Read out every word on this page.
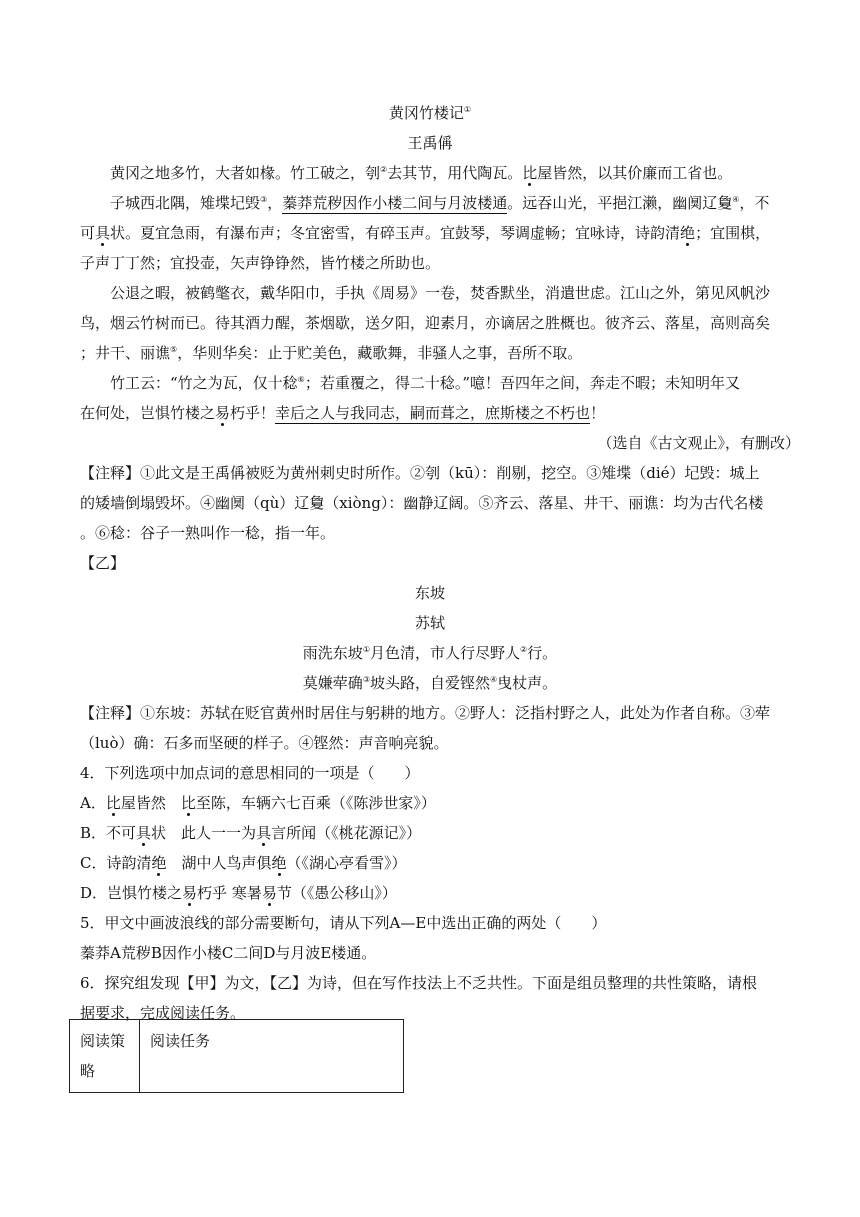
黄冈竹楼记①
王禹偁
黄冈之地多竹，大者如椽。竹工破之，刳②去其节，用代陶瓦。比屋皆然，以其价廉而工省也。
子城西北隅，雉堞圮毁③，蓁莽荒秽因作小楼二间与月波楼通。远吞山光，平挹江濑，幽阒辽敻④，不
可具状。夏宜急雨，有瀑布声；冬宜密雪，有碎玉声。宜鼓琴，琴调虚畅；宜咏诗，诗韵清绝；宜围棋，
子声丁丁然；宜投壶，矢声铮铮然，皆竹楼之所助也。
公退之暇，被鹤氅衣，戴华阳巾，手执《周易》一卷，焚香默坐，消遣世虑。江山之外，第见风帆沙
鸟，烟云竹树而已。待其酒力醒，茶烟歇，送夕阳，迎素月，亦谪居之胜概也。彼齐云、落星，高则高矣
；井干、丽谯⑤，华则华矣：止于贮美色，藏歌舞，非骚人之事，吾所不取。
竹工云：“竹之为瓦，仅十稔⑥；若重覆之，得二十稔。”噫！吾四年之间，奔走不暇；未知明年又
在何处，岂惧竹楼之易朽乎！幸后之人与我同志，嗣而葺之，庶斯楼之不朽也！
（选自《古文观止》，有删改）
【注释】①此文是王禹偁被贬为黄州刺史时所作。②刳（kū）：削剔，挖空。③雉堞（dié）圮毁：城上
的矮墙倒塌毁坏。④幽阒（qù）辽敻（xiòng）：幽静辽阔。⑤齐云、落星、井干、丽谯：均为古代名楼
。⑥稔：谷子一熟叫作一稔，指一年。
【乙】
东坡
苏轼
雨洗东坡①月色清，市人行尽野人②行。
莫嫌荦确③坡头路，自爱铿然④曳杖声。
【注释】①东坡：苏轼在贬官黄州时居住与躬耕的地方。②野人：泛指村野之人，此处为作者自称。③荦
（luò）确：石多而坚硬的样子。④铿然：声音响亮貌。
4．下列选项中加点词的意思相同的一项是（　　）
A．比屋皆然　比至陈，车辆六七百乘（《陈涉世家》）
B．不可具状　此人一一为具言所闻（《桃花源记》）
C．诗韵清绝　湖中人鸟声俱绝（《湖心亭看雪》）
D．岂惧竹楼之易朽乎 寒暑易节（《愚公移山》）
5．甲文中画波浪线的部分需要断句，请从下列A—E中选出正确的两处（　　）
蓁莽A荒秽B因作小楼C二间D与月波E楼通。
6．探究组发现【甲】为文，【乙】为诗，但在写作技法上不乏共性。下面是组员整理的共性策略，请根
据要求，完成阅读任务。
阅读策略	阅读任务
